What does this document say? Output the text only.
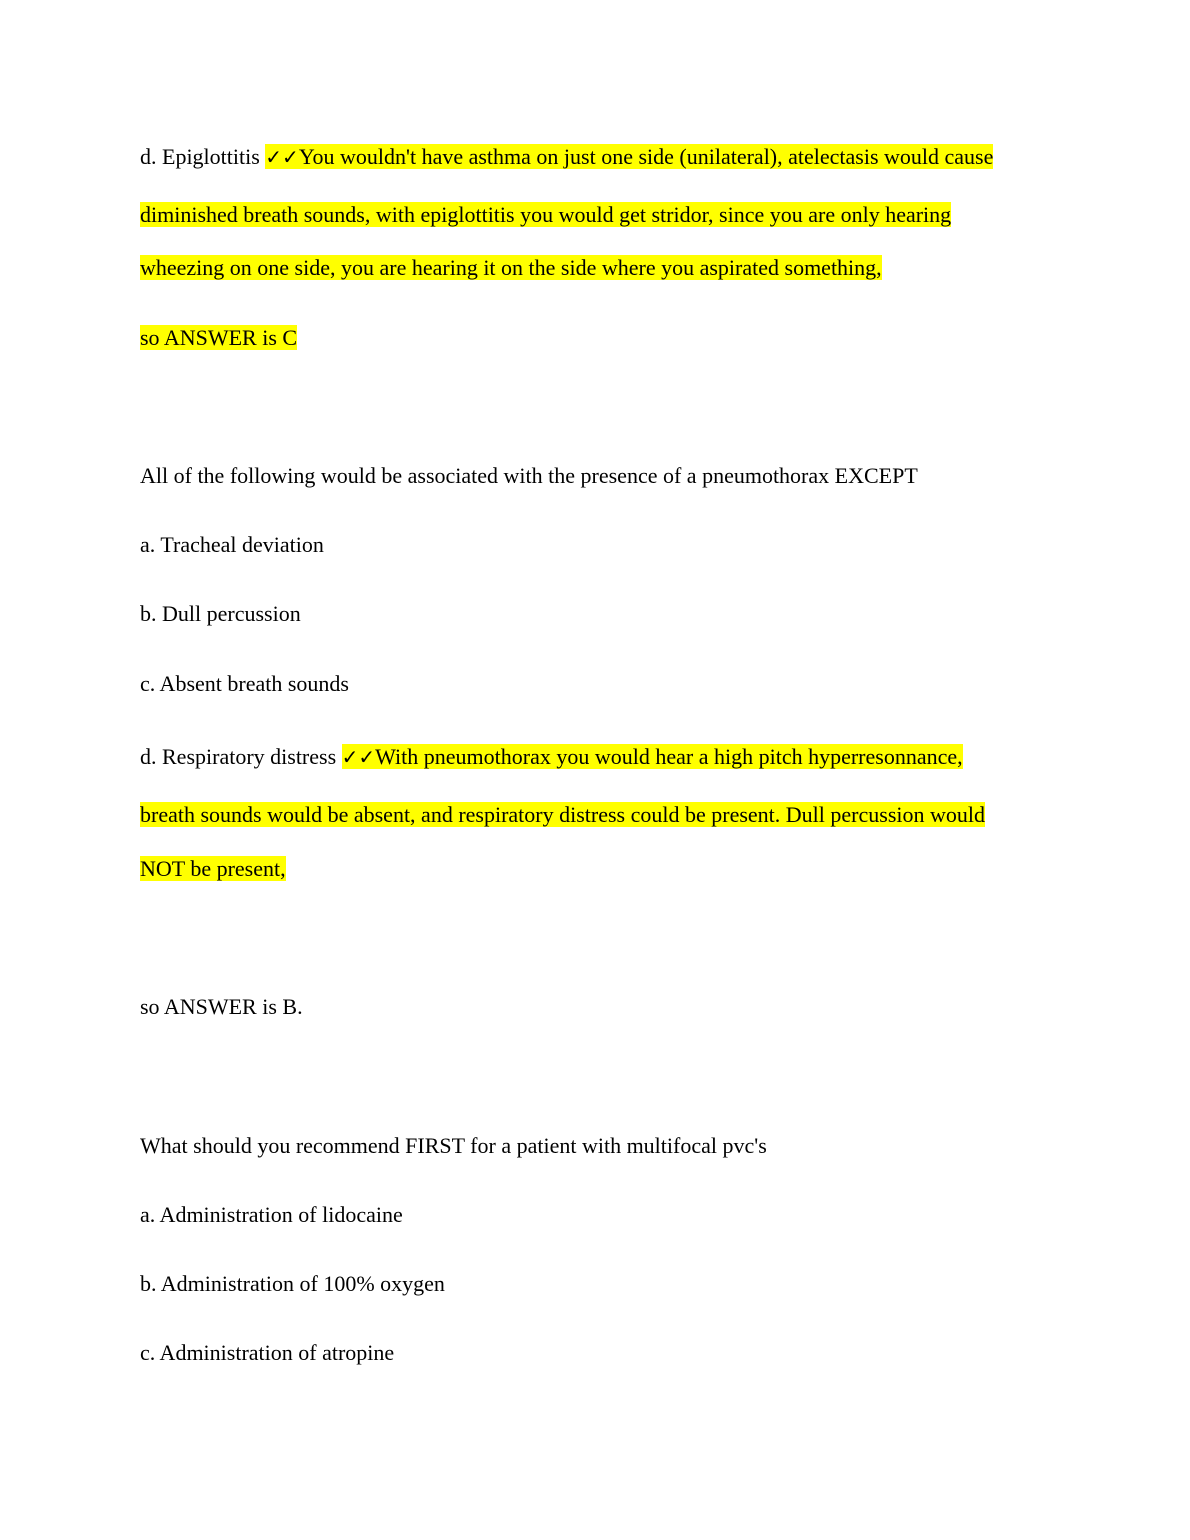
d. Epiglottitis ✓✓You wouldn't have asthma on just one side (unilateral), atelectasis would cause
diminished breath sounds, with epiglottitis you would get stridor, since you are only hearing
wheezing on one side, you are hearing it on the side where you aspirated something,
so ANSWER is C
All of the following would be associated with the presence of a pneumothorax EXCEPT
a. Tracheal deviation
b. Dull percussion
c. Absent breath sounds
d. Respiratory distress ✓✓With pneumothorax you would hear a high pitch hyperresonnance,
breath sounds would be absent, and respiratory distress could be present. Dull percussion would
NOT be present,
so ANSWER is B.
What should you recommend FIRST for a patient with multifocal pvc's
a. Administration of lidocaine
b. Administration of 100% oxygen
c. Administration of atropine
